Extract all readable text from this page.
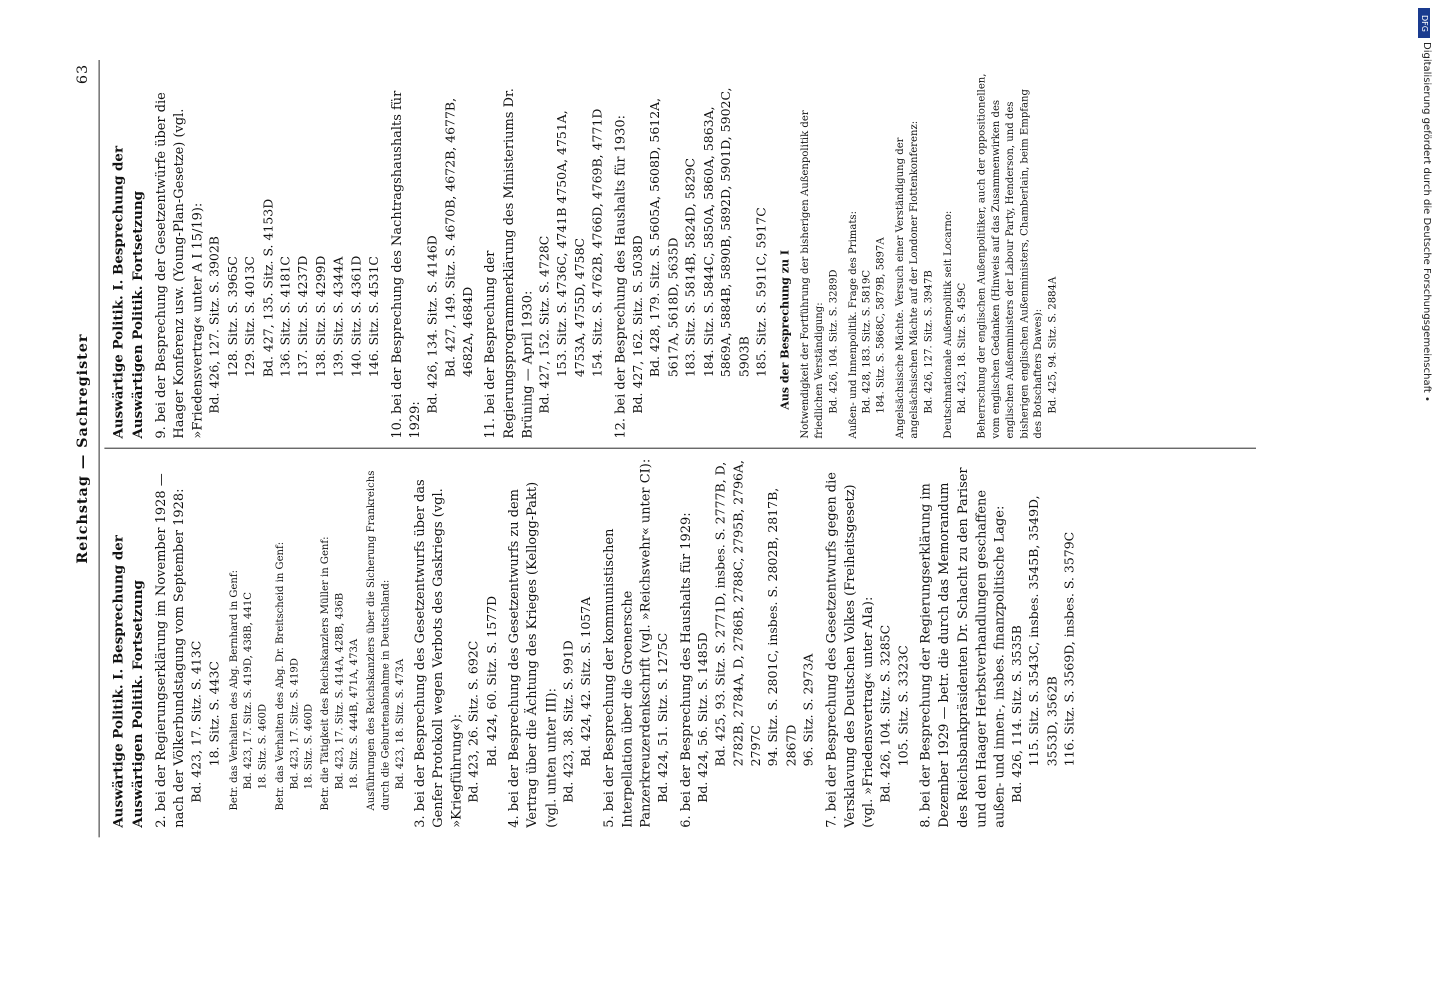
Reichstag

—

Sachregister
63
Auswärtige Politik. I. Besprechung der Auswärtigen Politik. Fortsetzung 2. bei der Regierungserklärung im November 1928 — nach der Völkerbundstagung vom September 1928: Bd. 423, 17. Sitz. S. 413C 18. Sitz. S. 443C Betr. das Verhalten des Abg. Bernhard in Genf: Bd. 423, 17. Sitz. S. 419D, 438B, 441C 18. Sitz. S. 460D Betr. das Verhalten des Abg. Dr. Breitscheid in Genf: Bd. 423, 17. Sitz. S. 419D 18. Sitz. S. 460D Betr. die Tätigkeit des Reichskanzlers Müller in Genf: Bd. 423, 17. Sitz. S. 414A, 428B, 436B 18. Sitz. S. 444B, 471A, 473A Ausführungen des Reichskanzlers über die Sicherung Frankreichs durch die Geburtenabnahme in Deutschland: Bd. 423, 18. Sitz. S. 473A 3. bei der Besprechung des Gesetzentwurfs über das Genfer Protokoll wegen Verbots des Gaskriegs (vgl. »Kriegführung«): Bd. 423, 26. Sitz. S. 692C Bd. 424, 60. Sitz. S. 1577D 4. bei der Besprechung des Gesetzentwurfs zu dem Vertrag über die Ächtung des Krieges (Kellogg-Pakt) (vgl. unten unter III): Bd. 423, 38. Sitz. S. 991D Bd. 424, 42. Sitz. S. 1057A 5. bei der Besprechung der kommunistischen Interpellation über die Groenersche Panzerkreuzerdenkschrift (vgl. »Reichswehr« unter CI): Bd. 424, 51. Sitz. S. 1275C 6. bei der Besprechung des Haushalts für 1929: Bd. 424, 56. Sitz. S. 1485D Bd. 425, 93. Sitz. S. 2771D, insbes. S. 2777B, D, 2782B, 2784A, D, 2786B, 2788C, 2795B, 2796A, 2797C 94. Sitz. S. 2801C, insbes. S. 2802B, 2817B, 2867D 96. Sitz. S. 2973A 7. bei der Besprechung des Gesetzentwurfs gegen die Versklavung des Deutschen Volkes (Freiheitsgesetz) (vgl. »Friedensvertrag« unter AIa): Bd. 426, 104. Sitz. S. 3285C 105. Sitz. S. 3323C 8. bei der Besprechung der Regierungserklärung im Dezember 1929 — betr. die durch das Memorandum des Reichsbankpräsidenten Dr. Schacht zu den Pariser und den Haager Herbstverhandlungen geschaffene außen- und innen-, insbes. finanzpolitische Lage: Bd. 426, 114. Sitz. S. 3535B 115. Sitz. S. 3543C, insbes. 3545B, 3549D, 3553D, 3562B 116. Sitz. S. 3569D, insbes. S. 3579C
Auswärtige Politik. I. Besprechung der Auswärtigen Politik. Fortsetzung 9. bei der Besprechung der Gesetzentwürfe über die Haager Konferenz usw. (Young-Plan-Gesetze) (vgl. »Friedensvertrag« unter A I 15/19): Bd. 426, 127. Sitz. S. 3902B 128. Sitz. S. 3965C 129. Sitz. S. 4013C Bd. 427, 135. Sitz. S. 4153D 136. Sitz. S. 4181C 137. Sitz. S. 4237D 138. Sitz. S. 4299D 139. Sitz. S. 4344A 140. Sitz. S. 4361D 146. Sitz. S. 4531C 10. bei der Besprechung des Nachtragshaushalts für 1929:
Bd. 426, 134. Sitz. S. 4146D Bd. 427, 149. Sitz. S. 4670B, 4672B, 4677B, 4682A, 4684D 11. bei der Besprechung der Regierungsprogrammerklärung des Ministeriums Dr. Brüning — April 1930: Bd. 427, 152. Sitz. S. 4728C 153. Sitz. S. 4736C, 4741B 4750A, 4751A, 4753A, 4755D, 4758C 154. Sitz. S. 4762B, 4766D, 4769B, 4771D 12. bei der Besprechung des Haushalts für 1930: Bd. 427, 162. Sitz. S. 5038D Bd. 428, 179. Sitz. S. 5605A, 5608D, 5612A, 5617A, 5618D, 5635D 183. Sitz. S. 5814B, 5824D, 5829C 184. Sitz. S. 5844C, 5850A, 5860A, 5863A, 5869A, 5884B, 5890B, 5892D, 5901D, 5902C, 5903B 185. Sitz. S. 5911C, 5917C Aus der Besprechung zu I Notwendigkeit der Fortführung der bisherigen Außenpolitik der friedlichen Verständigung: Bd. 426, 104. Sitz. S. 3289D Außen- und Innenpolitik. Frage des Primats: Bd. 428, 183. Sitz. S. 5819C 184. Sitz. S. 5868C, 5879B, 5897A Angelsächsische Mächte. Versuch einer Verständigung der angelsächsischen Mächte auf der Londoner Flottenkonferenz: Bd. 426, 127. Sitz. S. 3947B Deutschnationale Außenpolitik seit Locarno: Bd. 423, 18. Sitz. S. 459C Beherrschung der englischen Außenpolitiker, auch der oppositionellen, vom englischen Gedanken (Hinweis auf das Zusammenwirken des englischen Außenministers der Labour Party, Henderson, und des bisherigen englischen Außenministers, Chamberlain, beim Empfang des Botschafters Dawes): Bd. 425, 94. Sitz. S. 2884A
DFG
Digitalisierung gefördert durch die Deutsche Forschungsgemeinschaft •
